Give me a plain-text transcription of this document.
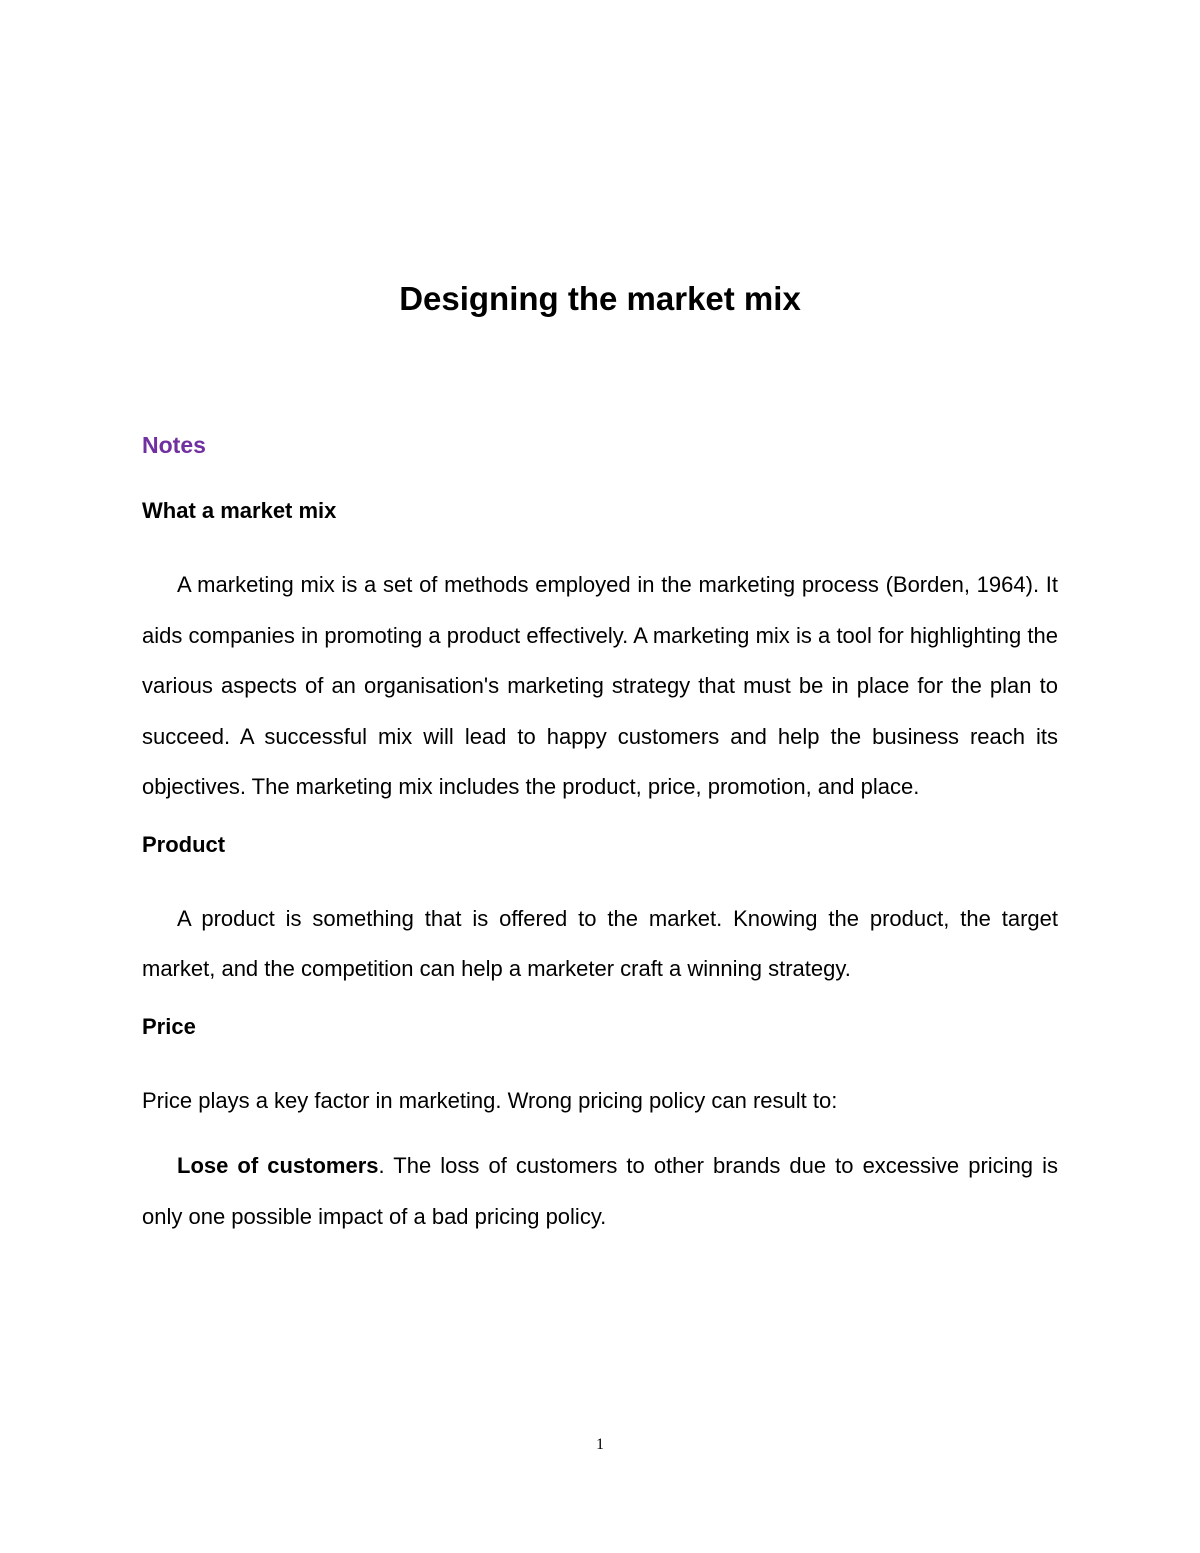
Designing the market mix
Notes
What a market mix

A marketing mix is a set of methods employed in the marketing process (Borden, 1964). It aids companies in promoting a product effectively. A marketing mix is a tool for highlighting the various aspects of an organisation's marketing strategy that must be in place for the plan to succeed. A successful mix will lead to happy customers and help the business reach its objectives. The marketing mix includes the product, price, promotion, and place.

Product

A product is something that is offered to the market. Knowing the product, the target market, and the competition can help a marketer craft a winning strategy.

Price

Price plays a key factor in marketing. Wrong pricing policy can result to:

Lose of customers. The loss of customers to other brands due to excessive pricing is only one possible impact of a bad pricing policy.

1
